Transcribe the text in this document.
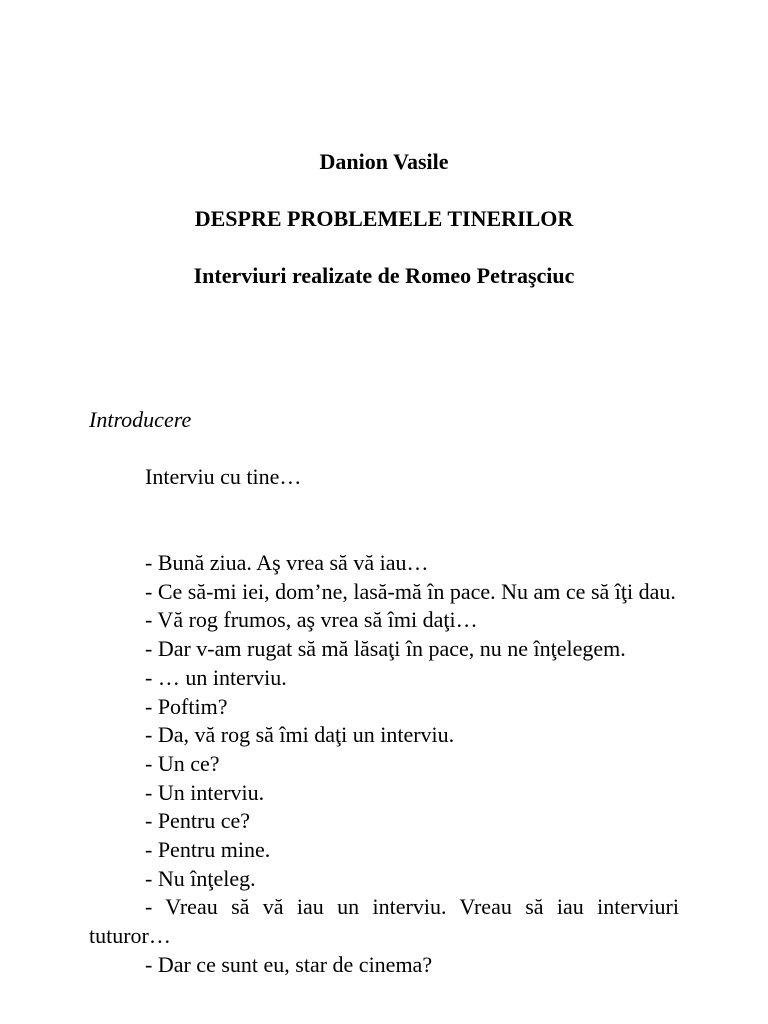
Danion Vasile
DESPRE PROBLEMELE TINERILOR
Interviuri realizate de Romeo Petraşciuc
Introducere
Interviu cu tine…

- Bună ziua. Aş vrea să vă iau…

- Ce să-mi iei, dom’ne, lasă-mă în pace. Nu am ce să îţi dau.

- Vă rog frumos, aş vrea să îmi daţi…

- Dar v-am rugat să mă lăsaţi în pace, nu ne înţelegem.

- … un interviu.

- Poftim?

- Da, vă rog să îmi daţi un interviu.

- Un ce?

- Un interviu.

- Pentru ce?

- Pentru mine.

- Nu înţeleg.

- Vreau să vă iau un interviu. Vreau să iau interviuri tuturor…

- Dar ce sunt eu, star de cinema?
